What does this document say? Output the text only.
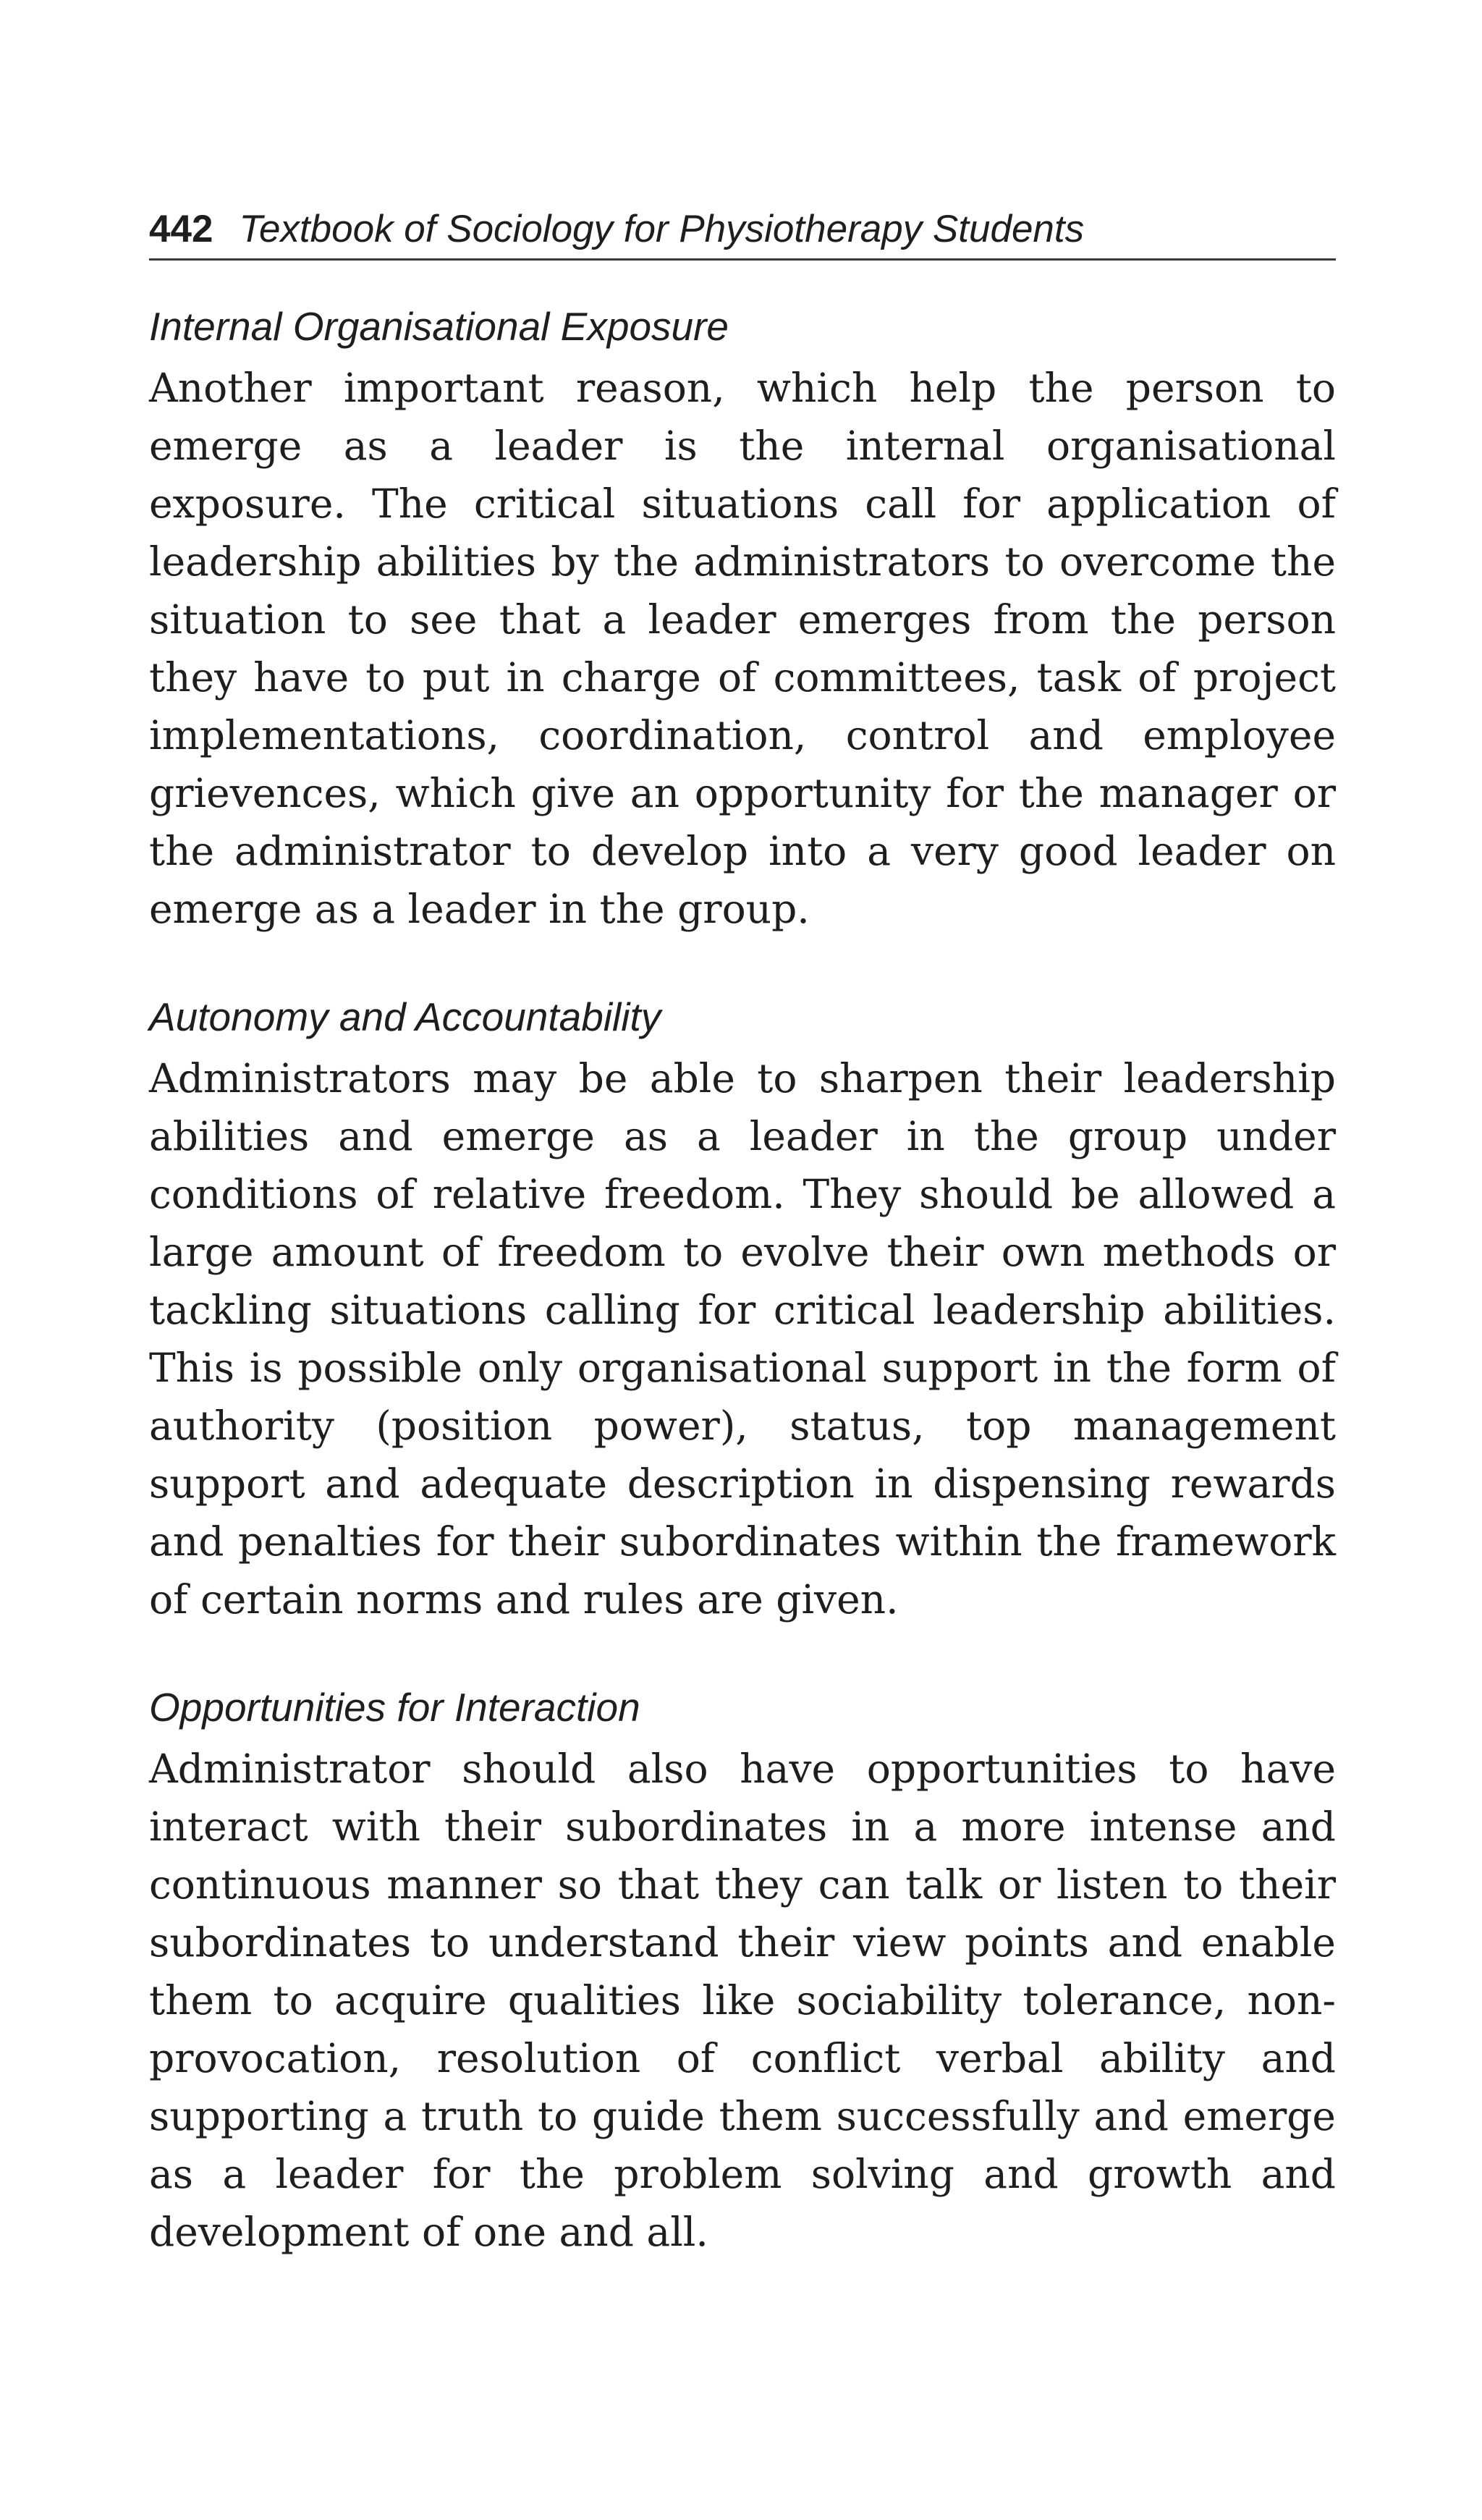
442 Textbook of Sociology for Physiotherapy Students
Internal Organisational Exposure

Another important reason, which help the person to emerge as a leader is the internal organisational exposure. The critical situations call for application of leadership abilities by the administrators to overcome the situation to see that a leader emerges from the person they have to put in charge of committees, task of project implementations, coordination, control and employee grievences, which give an opportunity for the manager or the administrator to develop into a very good leader on emerge as a leader in the group.

Autonomy and Accountability

Administrators may be able to sharpen their leadership abilities and emerge as a leader in the group under conditions of relative freedom. They should be allowed a large amount of freedom to evolve their own methods or tackling situations calling for critical leadership abilities. This is possible only organisational support in the form of authority (position power), status, top management support and adequate description in dispensing rewards and penalties for their subordinates within the framework of certain norms and rules are given.

Opportunities for Interaction

Administrator should also have opportunities to have interact with their subordinates in a more intense and continuous manner so that they can talk or listen to their subordinates to understand their view points and enable them to acquire qualities like sociability tolerance, non-provocation, resolution of conflict verbal ability and supporting a truth to guide them successfully and emerge as a leader for the problem solving and growth and development of one and all.
